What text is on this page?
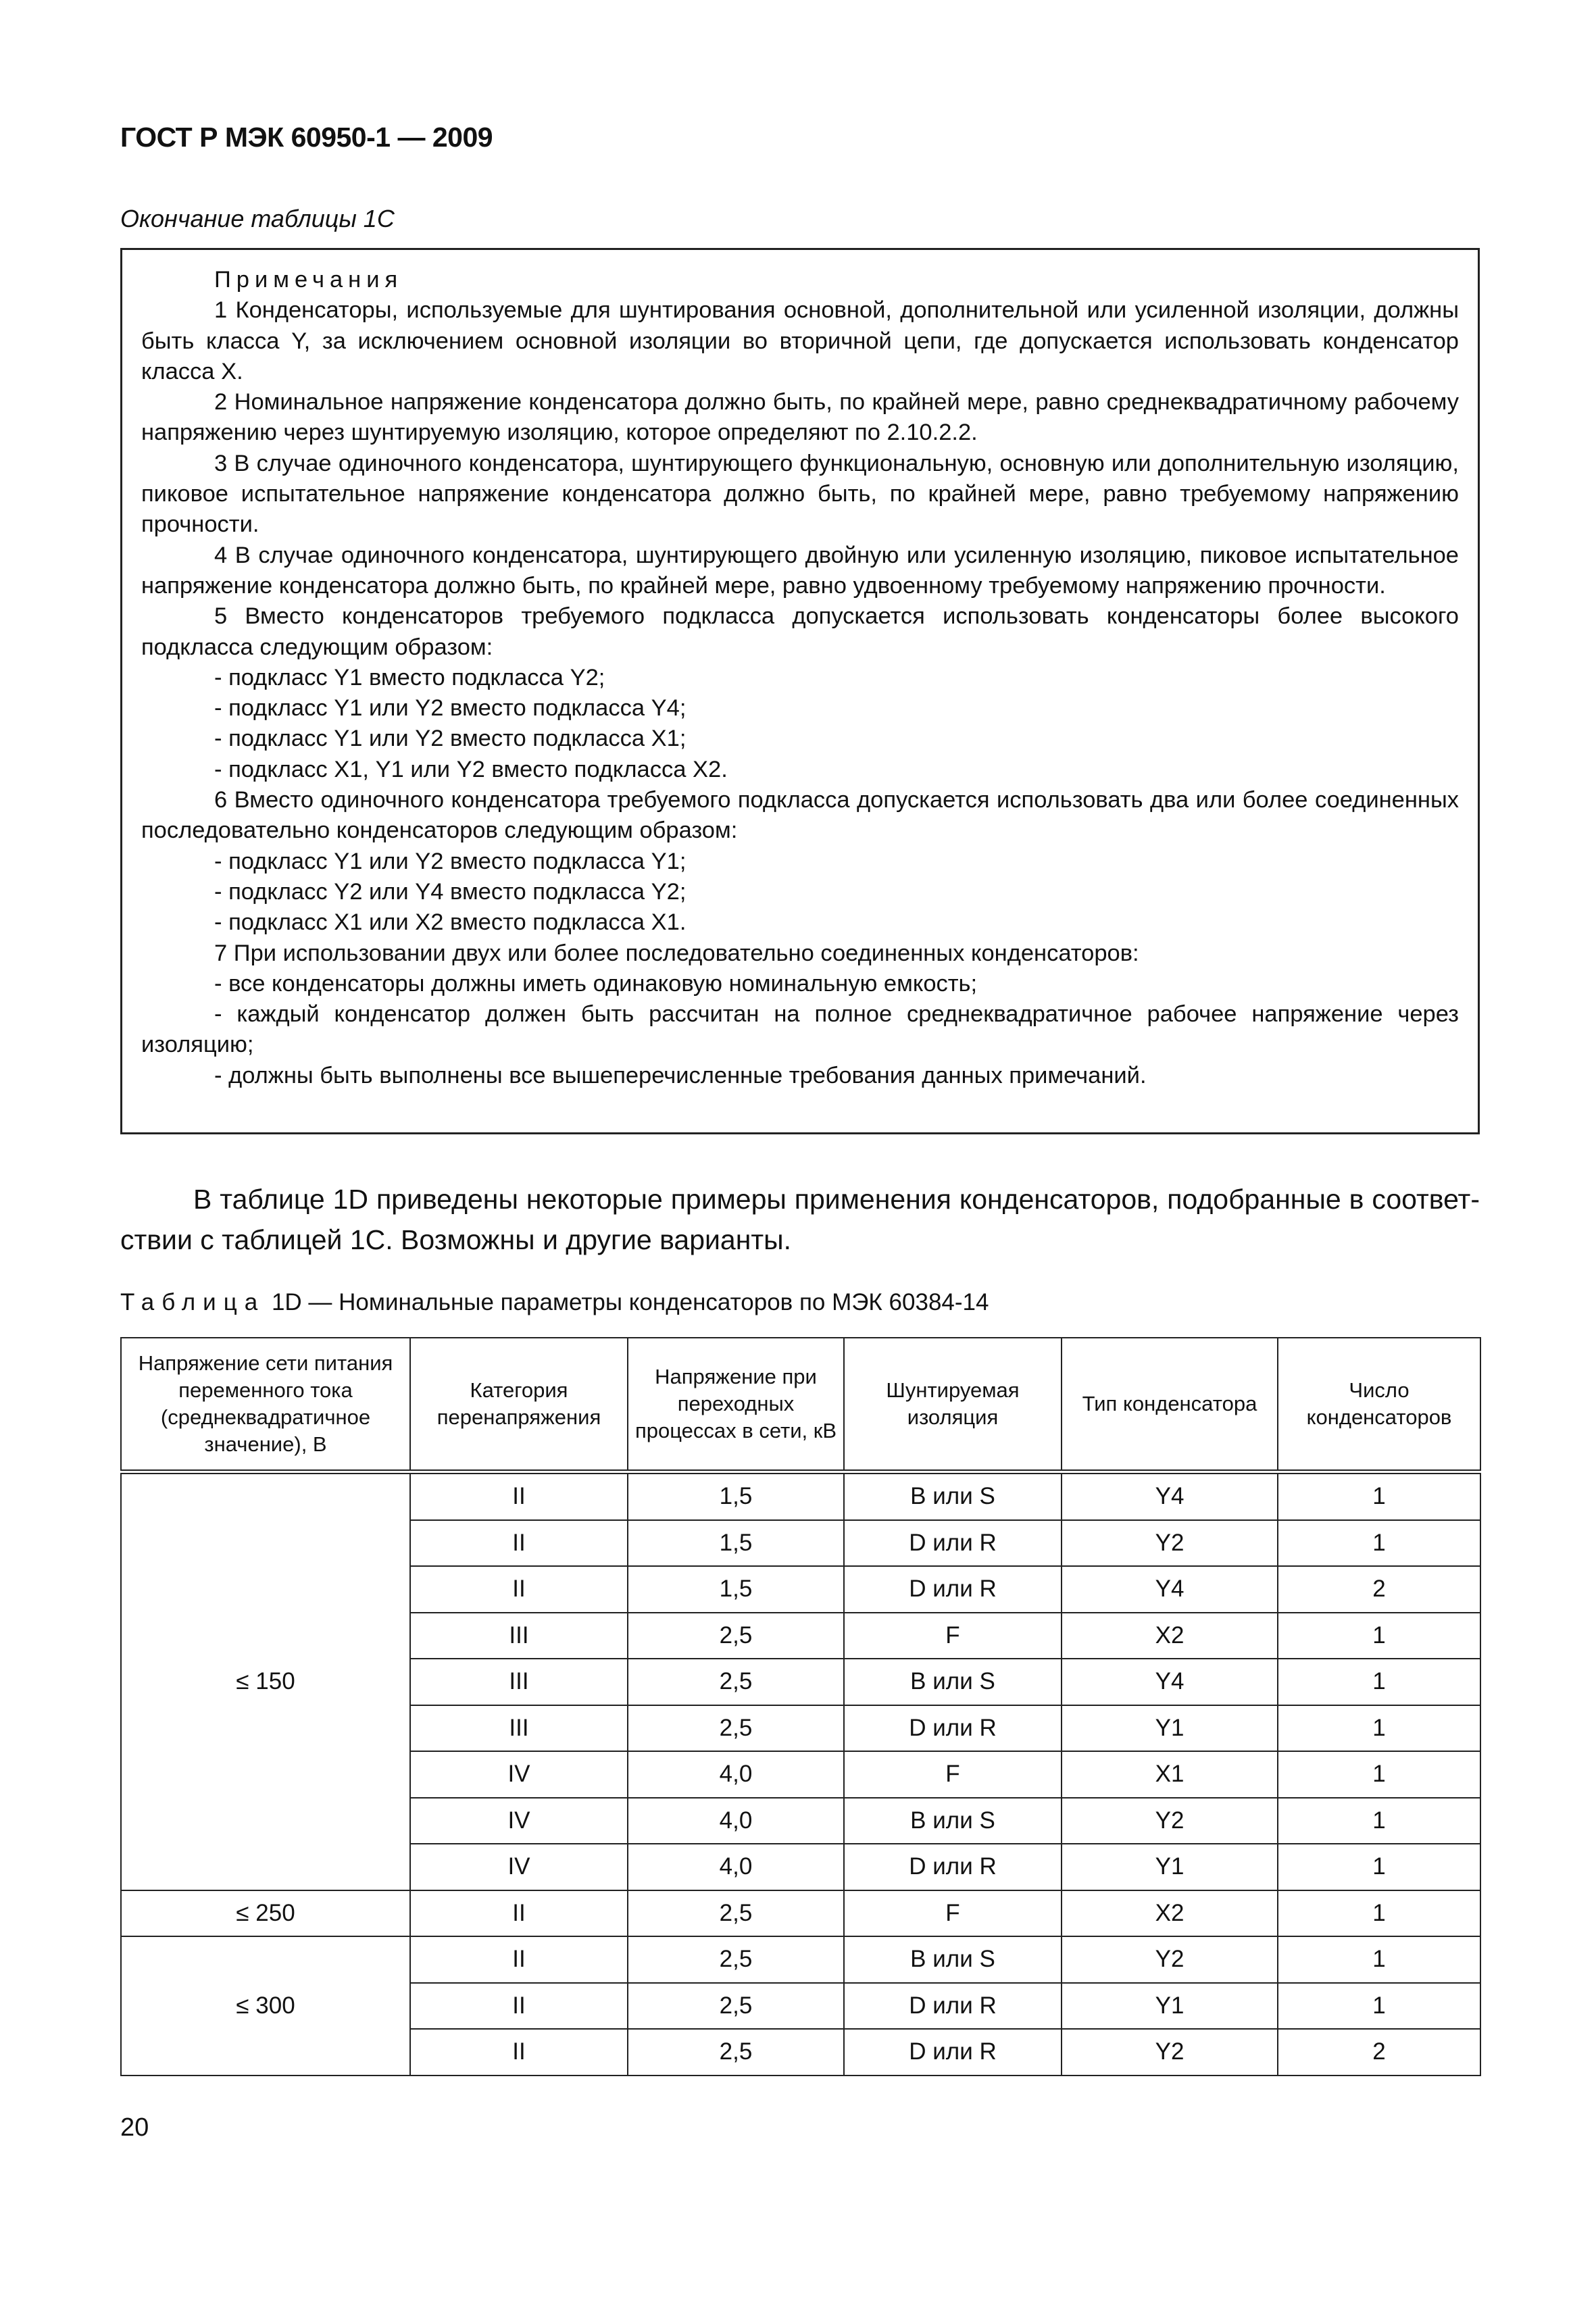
ГОСТ Р МЭК 60950-1 — 2009
Окончание таблицы 1С

Примечания

1 Конденсаторы, используемые для шунтирования основной, дополнительной или усиленной изоляции, должны быть класса Y, за исключением основной изоляции во вторичной цепи, где допускается использовать конденсатор класса Х.

2 Номинальное напряжение конденсатора должно быть, по крайней мере, равно среднеквадратичному рабочему напряжению через шунтируемую изоляцию, которое определяют по 2.10.2.2.

3 В случае одиночного конденсатора, шунтирующего функциональную, основную или дополнительную изоляцию, пиковое испытательное напряжение конденсатора должно быть, по крайней мере, равно требуемому напряжению прочности.

4 В случае одиночного конденсатора, шунтирующего двойную или усиленную изоляцию, пиковое испытательное напряжение конденсатора должно быть, по крайней мере, равно удвоенному требуемому напряжению прочности.

5 Вместо конденсаторов требуемого подкласса допускается использовать конденсаторы более высокого подкласса следующим образом:

- подкласс Y1 вместо подкласса Y2;

- подкласс Y1 или Y2 вместо подкласса Y4;

- подкласс Y1 или Y2 вместо подкласса Х1;

- подкласс Х1, Y1 или Y2 вместо подкласса Х2.

6 Вместо одиночного конденсатора требуемого подкласса допускается использовать два или более соединенных последовательно конденсаторов следующим образом:

- подкласс Y1 или Y2 вместо подкласса Y1;

- подкласс Y2 или Y4 вместо подкласса Y2;

- подкласс Х1 или Х2 вместо подкласса Х1.

7 При использовании двух или более последовательно соединенных конденсаторов:

- все конденсаторы должны иметь одинаковую номинальную емкость;

- каждый конденсатор должен быть рассчитан на полное среднеквадратичное рабочее напряжение через изоляцию;

- должны быть выполнены все вышеперечисленные требования данных примечаний.

В таблице 1D приведены некоторые примеры применения конденсаторов, подобранные в соответствии с таблицей 1С. Возможны и другие варианты.

Таблица 1D — Номинальные параметры конденсаторов по МЭК 60384-14
Напряжение сети питания переменного тока (среднеквадратичное значение), В	Категория перенапряжения	Напряжение при переходных процессах в сети, кВ	Шунтируемая изоляция	Тип конденсатора	Число конденсаторов
≤ 150	II	1,5	B или S	Y4	1
	II	1,5	D или R	Y2	1
	II	1,5	D или R	Y4	2
	III	2,5	F	X2	1
	III	2,5	B или S	Y4	1
	III	2,5	D или R	Y1	1
	IV	4,0	F	X1	1
	IV	4,0	B или S	Y2	1
	IV	4,0	D или R	Y1	1
≤ 250	II	2,5	F	X2	1
≤ 300	II	2,5	B или S	Y2	1
	II	2,5	D или R	Y1	1
	II	2,5	D или R	Y2	2
20
